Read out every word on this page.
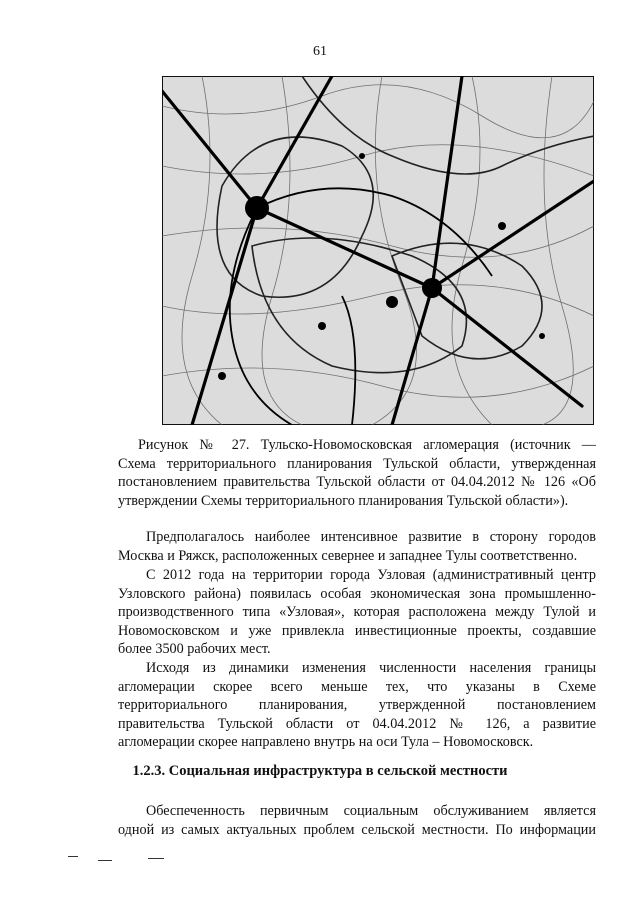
61

Рисунок № 27. Тульско-Новомосковская агломерация (источник —
Схема территориального планирования Тульской области, утвержденная
постановлением правительства Тульской области от 04.04.2012 № 126 «Об
утверждении Схемы территориального планирования Тульской области»).

Предполагалось наиболее интенсивное развитие в сторону городов
Москва и Ряжск, расположенных севернее и западнее Тулы соответственно.

С 2012 года на территории города Узловая (административный центр
Узловского района) появилась особая экономическая зона промышленно-
производственного типа «Узловая», которая расположена между Тулой и
Новомосковском и уже привлекла инвестиционные проекты, создавшие
более 3500 рабочих мест.

Исходя из динамики изменения численности населения границы
агломерации скорее всего меньше тех, что указаны в Схеме
территориального планирования, утвержденной постановлением
правительства Тульской области от 04.04.2012 № 126, а развитие
агломерации скорее направлено внутрь на оси Тула – Новомосковск.

1.2.3. Социальная инфраструктура в сельской местности

Обеспеченность первичным социальным обслуживанием является
одной из самых актуальных проблем сельской местности. По информации
